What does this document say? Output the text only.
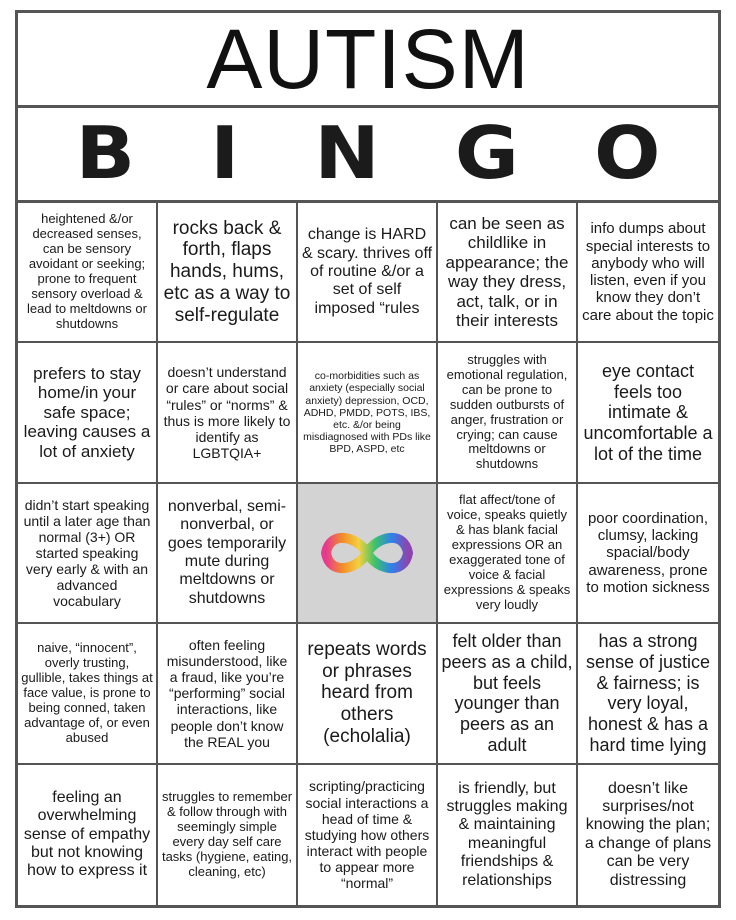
AUTISM
B I N G O
heightened &/or decreased senses, can be sensory avoidant or seeking; prone to frequent sensory overload & lead to meltdowns or shutdowns
rocks back & forth, flaps hands, hums, etc as a way to self-regulate
change is HARD & scary. thrives off of routine &/or a set of self imposed “rules
can be seen as childlike in appearance; the way they dress, act, talk, or in their interests
info dumps about special interests to anybody who will listen, even if you know they don’t care about the topic
prefers to stay home/in your safe space; leaving causes a lot of anxiety
doesn’t understand or care about social “rules” or “norms” & thus is more likely to identify as LGBTQIA+
co-morbidities such as anxiety (especially social anxiety) depression, OCD, ADHD, PMDD, POTS, IBS, etc. &/or being misdiagnosed with PDs like BPD, ASPD, etc
struggles with emotional regulation, can be prone to sudden outbursts of anger, frustration or crying; can cause meltdowns or shutdowns
eye contact feels too intimate & uncomfortable a lot of the time
didn’t start speaking until a later age than normal (3+) OR started speaking very early & with an advanced vocabulary
nonverbal, semi-nonverbal, or goes temporarily mute during meltdowns or shutdowns
flat affect/tone of voice, speaks quietly & has blank facial expressions OR an exaggerated tone of voice & facial expressions & speaks very loudly
poor coordination, clumsy, lacking spacial/body awareness, prone to motion sickness
naive, “innocent”, overly trusting, gullible, takes things at face value, is prone to being conned, taken advantage of, or even abused
often feeling misunderstood, like a fraud, like you’re “performing” social interactions, like people don’t know the REAL you
repeats words or phrases heard from others (echolalia)
felt older than peers as a child, but feels younger than peers as an adult
has a strong sense of justice & fairness; is very loyal, honest & has a hard time lying
feeling an overwhelming sense of empathy but not knowing how to express it
struggles to remember & follow through with seemingly simple every day self care tasks (hygiene, eating, cleaning, etc)
scripting/practicing social interactions a head of time & studying how others interact with people to appear more “normal”
is friendly, but struggles making & maintaining meaningful friendships & relationships
doesn’t like surprises/not knowing the plan; a change of plans can be very distressing
